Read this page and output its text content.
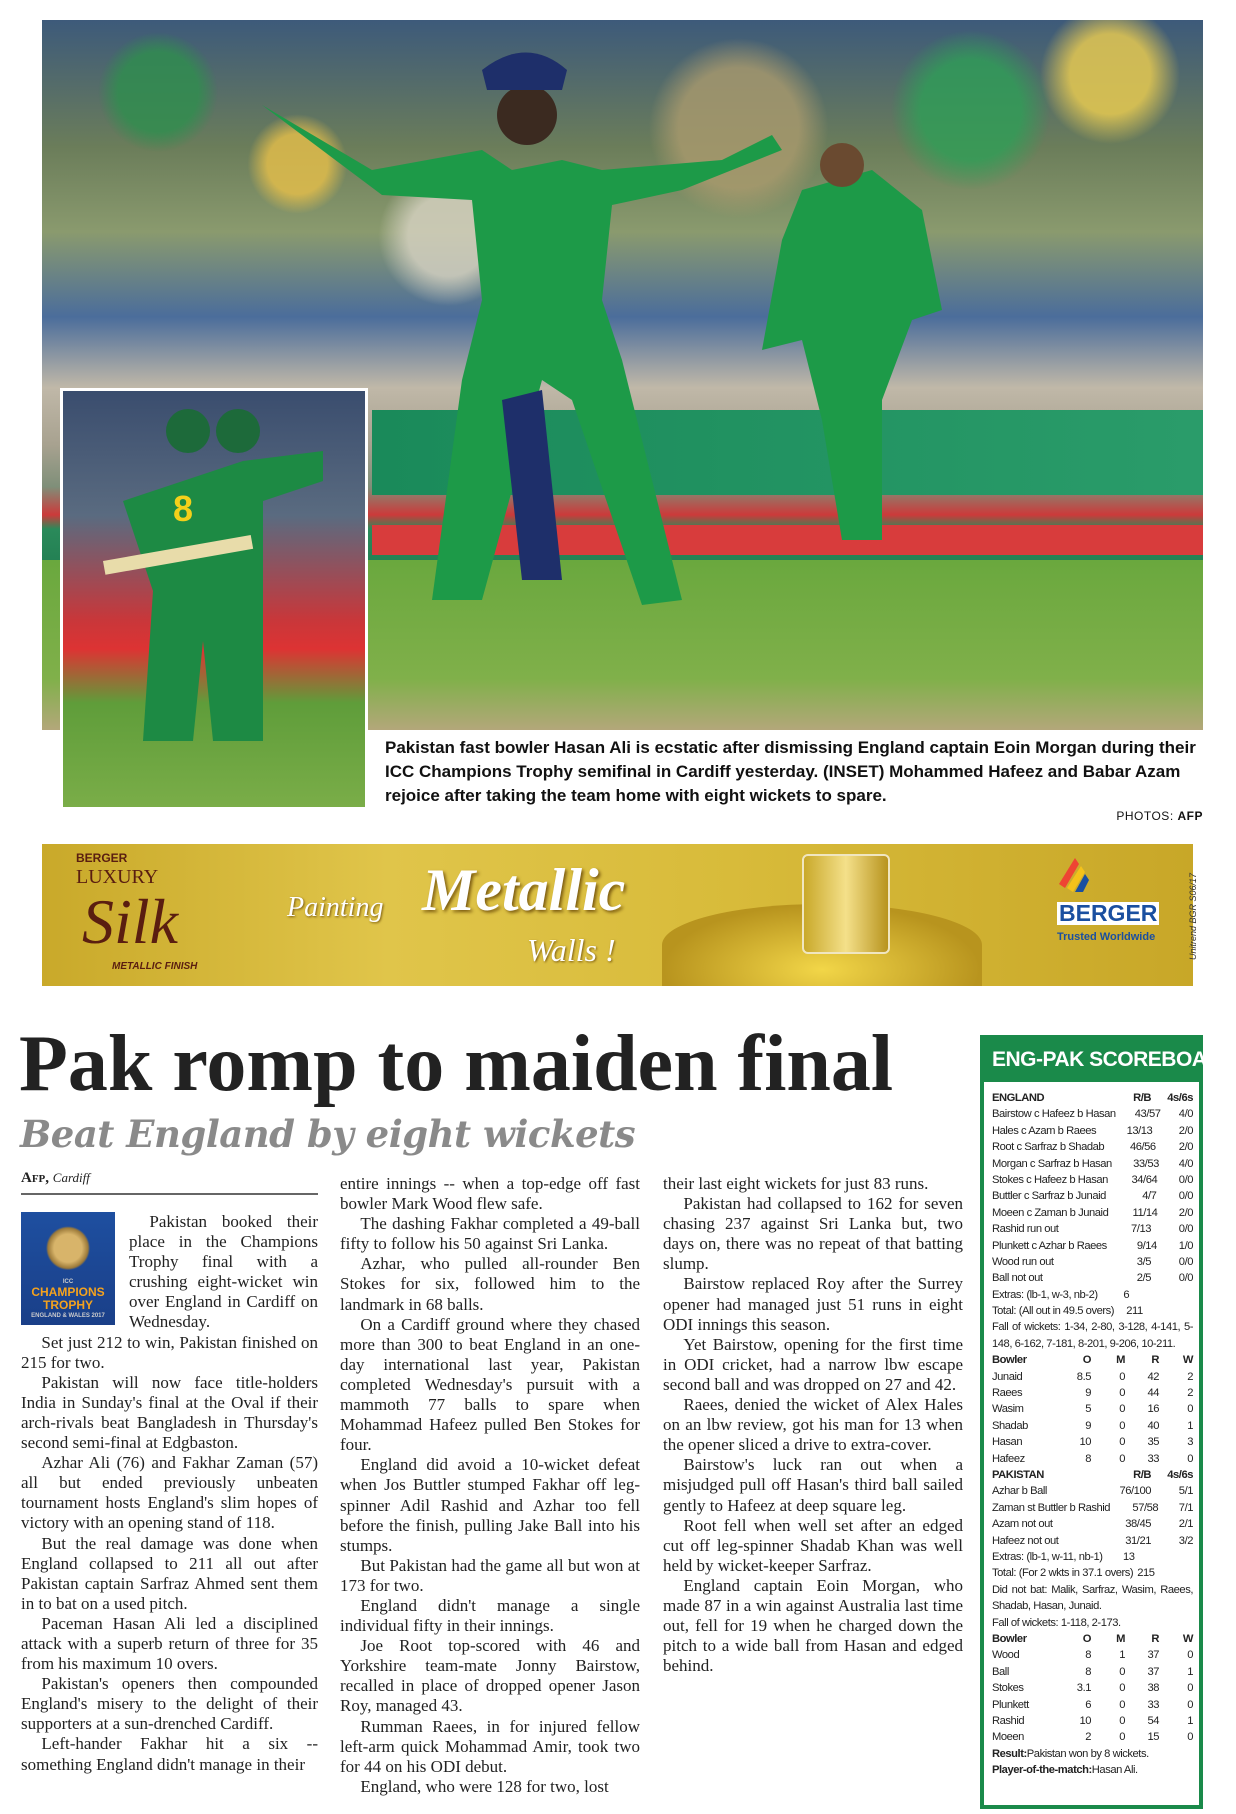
8
Pakistan fast bowler Hasan Ali is ecstatic after dismissing England captain Eoin Morgan during their ICC Champions Trophy semifinal in Cardiff yesterday. (INSET) Mohammed Hafeez and Babar Azam rejoice after taking the team home with eight wickets to spare.
PHOTOS: AFP
BERGER
LUXURY
Silk
METALLIC FINISH
Painting Metallic
Walls !
BERGER
Trusted Worldwide	Unitrend BGR S06/17
Pak romp to maiden final
Beat England by eight wickets
Afp, Cardiff
ICC
CHAMPIONS
TROPHY
ENGLAND & WALES 2017

Pakistan booked their place in the Champions Trophy final with a crushing eight-wicket win over England in Cardiff on Wednesday.

Set just 212 to win, Pakistan finished on 215 for two.

Pakistan will now face title-holders India in Sunday's final at the Oval if their arch-rivals beat Bangladesh in Thursday's second semi-final at Edgbaston.

Azhar Ali (76) and Fakhar Zaman (57) all but ended previously unbeaten tournament hosts England's slim hopes of victory with an opening stand of 118.

But the real damage was done when England collapsed to 211 all out after Pakistan captain Sarfraz Ahmed sent them in to bat on a used pitch.

Paceman Hasan Ali led a disciplined attack with a superb return of three for 35 from his maximum 10 overs.

Pakistan's openers then compounded England's misery to the delight of their supporters at a sun-drenched Cardiff.

Left-hander Fakhar hit a six -- something England didn't manage in their

entire innings -- when a top-edge off fast bowler Mark Wood flew safe.

The dashing Fakhar completed a 49-ball fifty to follow his 50 against Sri Lanka.

Azhar, who pulled all-rounder Ben Stokes for six, followed him to the landmark in 68 balls.

On a Cardiff ground where they chased more than 300 to beat England in an one-day international last year, Pakistan completed Wednesday's pursuit with a mammoth 77 balls to spare when Mohammad Hafeez pulled Ben Stokes for four.

England did avoid a 10-wicket defeat when Jos Buttler stumped Fakhar off leg-spinner Adil Rashid and Azhar too fell before the finish, pulling Jake Ball into his stumps.

But Pakistan had the game all but won at 173 for two.

England didn't manage a single individual fifty in their innings.

Joe Root top-scored with 46 and Yorkshire team-mate Jonny Bairstow, recalled in place of dropped opener Jason Roy, managed 43.

Rumman Raees, in for injured fellow left-arm quick Mohammad Amir, took two for 44 on his ODI debut.

England, who were 128 for two, lost

their last eight wickets for just 83 runs.

Pakistan had collapsed to 162 for seven chasing 237 against Sri Lanka but, two days on, there was no repeat of that batting slump.

Bairstow replaced Roy after the Surrey opener had managed just 51 runs in eight ODI innings this season.

Yet Bairstow, opening for the first time in ODI cricket, had a narrow lbw escape second ball and was dropped on 27 and 42.

Raees, denied the wicket of Alex Hales on an lbw review, got his man for 13 when the opener sliced a drive to extra-cover.

Bairstow's luck ran out when a misjudged pull off Hasan's third ball sailed gently to Hafeez at deep square leg.

Root fell when well set after an edged cut off leg-spinner Shadab Khan was well held by wicket-keeper Sarfraz.

England captain Eoin Morgan, who made 87 in a win against Australia last time out, fell for 19 when he charged down the pitch to a wide ball from Hasan and edged behind.

ENG-PAK SCOREBOARD
ENGLAND	R/B	4s/6s
Bairstow c Hafeez b Hasan	43/57	4/0
Hales c Azam b Raees	13/13	2/0
Root c Sarfraz b Shadab	46/56	2/0
Morgan c Sarfraz b Hasan	33/53	4/0
Stokes c Hafeez b Hasan	34/64	0/0
Buttler c Sarfraz b Junaid	4/7	0/0
Moeen c Zaman b Junaid	11/14	2/0
Rashid run out	7/13	0/0
Plunkett c Azhar b Raees	9/14	1/0
Wood run out	3/5	0/0
Ball not out	2/5	0/0
Extras: (lb-1, w-3, nb-2)	6
Total: (All out in 49.5 overs)	211
Fall of wickets: 1-34, 2-80, 3-128, 4-141, 5-148, 6-162, 7-181, 8-201, 9-206, 10-211.
Bowler	O	M	R	W
Junaid	8.5	0	42	2
Raees	9	0	44	2
Wasim	5	0	16	0
Shadab	9	0	40	1
Hasan	10	0	35	3
Hafeez	8	0	33	0
PAKISTAN	R/B	4s/6s
Azhar b Ball	76/100	5/1
Zaman st Buttler b Rashid	57/58	7/1
Azam not out	38/45	2/1
Hafeez not out	31/21	3/2
Extras: (lb-1, w-11, nb-1)	13
Total: (For 2 wkts in 37.1 overs) 215
Did not bat: Malik, Sarfraz, Wasim, Raees, Shadab, Hasan, Junaid.
Fall of wickets: 1-118, 2-173.
Bowler	O	M	R	W
Wood	8	1	37	0
Ball	8	0	37	1
Stokes	3.1	0	38	0
Plunkett	6	0	33	0
Rashid	10	0	54	1
Moeen	2	0	15	0
Result:Pakistan won by 8 wickets.
Player-of-the-match:Hasan Ali.
